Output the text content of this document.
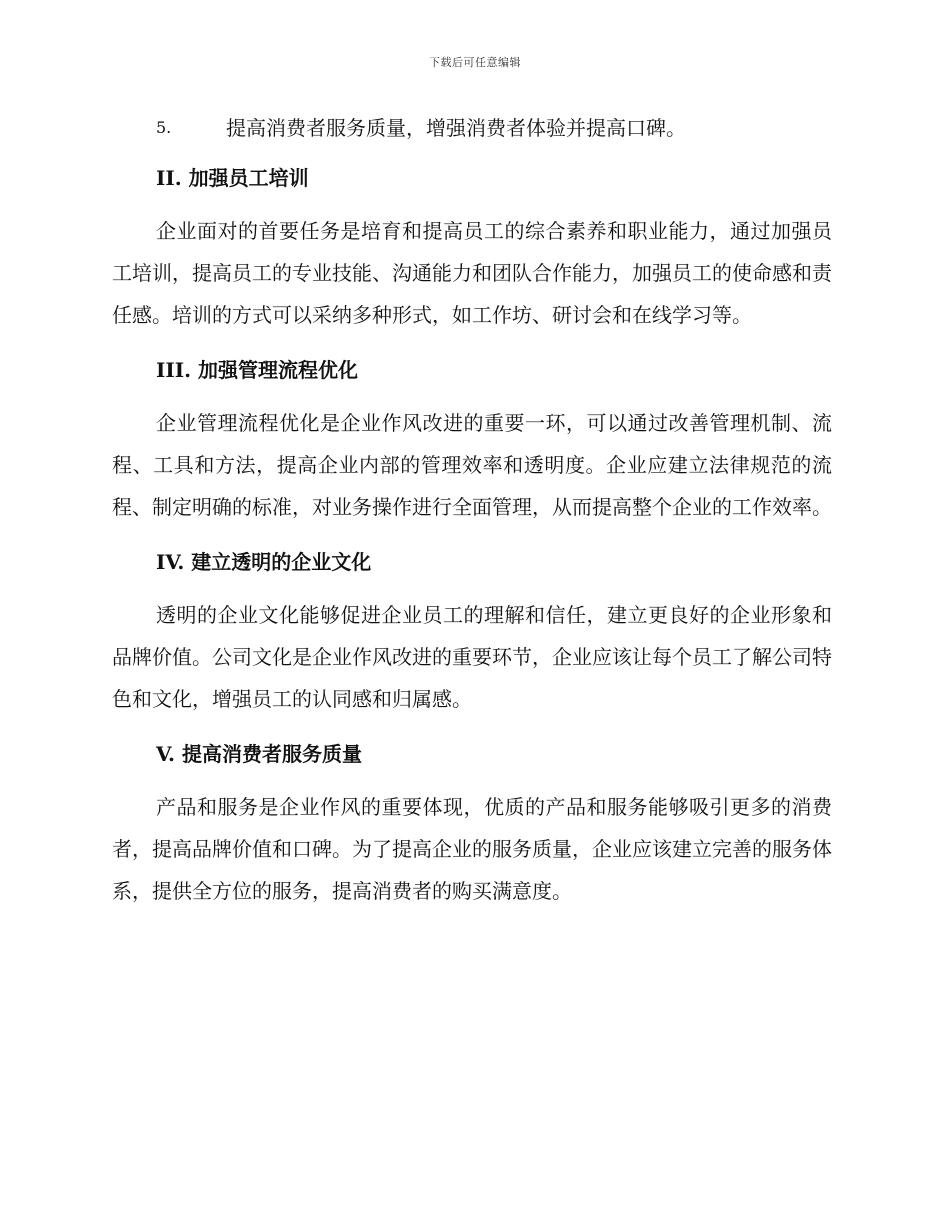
下载后可任意编辑
5.	提高消费者服务质量，增强消费者体验并提高口碑。
II. 加强员工培训

企业面对的首要任务是培育和提高员工的综合素养和职业能力，通过加强员工培训，提高员工的专业技能、沟通能力和团队合作能力，加强员工的使命感和责任感。培训的方式可以采纳多种形式，如工作坊、研讨会和在线学习等。

III. 加强管理流程优化

企业管理流程优化是企业作风改进的重要一环，可以通过改善管理机制、流程、工具和方法，提高企业内部的管理效率和透明度。企业应建立法律规范的流程、制定明确的标准，对业务操作进行全面管理，从而提高整个企业的工作效率。

IV. 建立透明的企业文化

透明的企业文化能够促进企业员工的理解和信任，建立更良好的企业形象和品牌价值。公司文化是企业作风改进的重要环节，企业应该让每个员工了解公司特色和文化，增强员工的认同感和归属感。

V. 提高消费者服务质量

产品和服务是企业作风的重要体现，优质的产品和服务能够吸引更多的消费者，提高品牌价值和口碑。为了提高企业的服务质量，企业应该建立完善的服务体系，提供全方位的服务，提高消费者的购买满意度。
